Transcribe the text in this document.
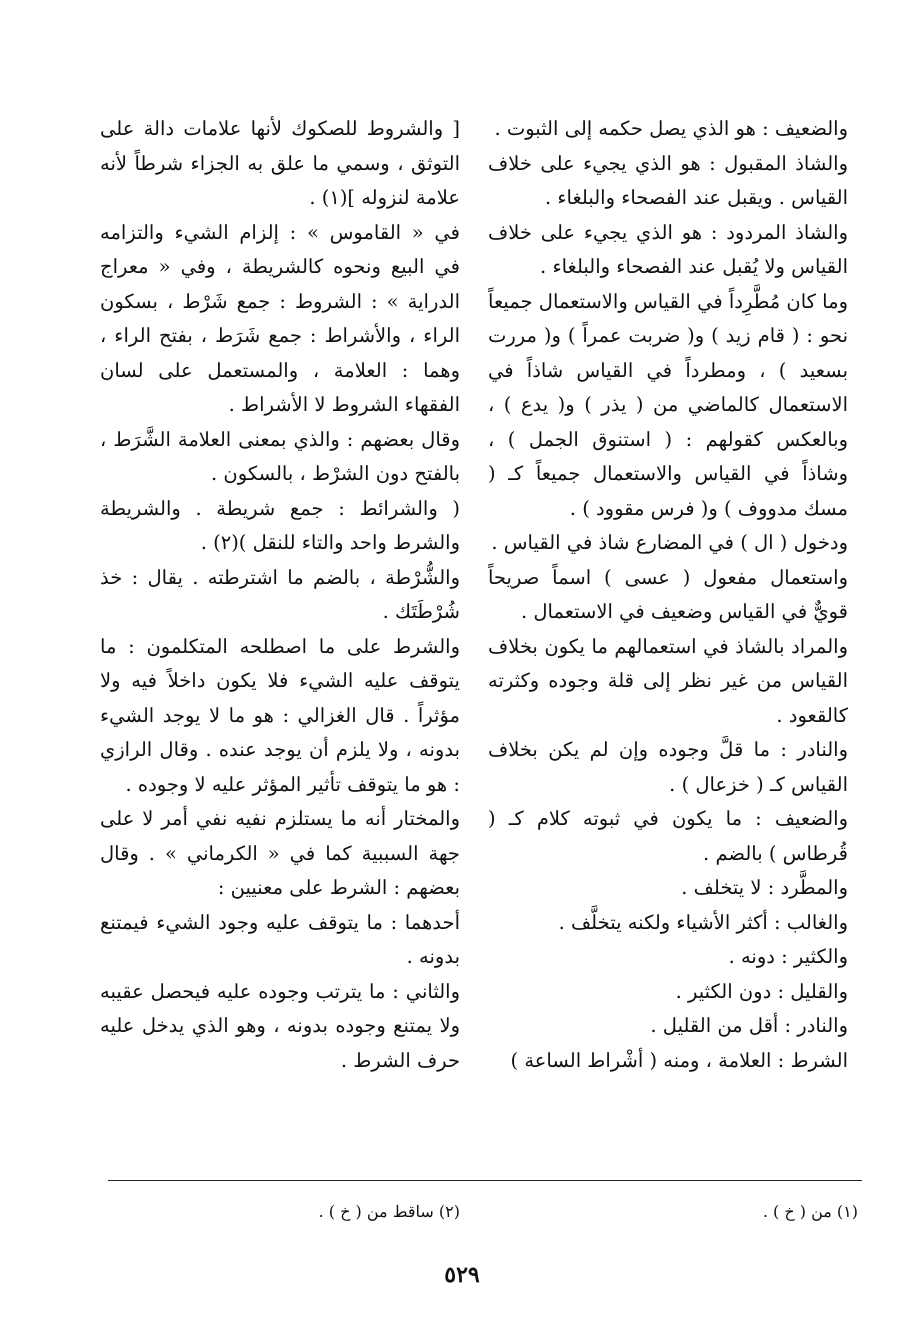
والضعيف : هو الذي يصل حكمه إلى الثبوت .

والشاذ المقبول : هو الذي يجيء على خلاف القياس . ويقبل عند الفصحاء والبلغاء .

والشاذ المردود : هو الذي يجيء على خلاف القياس ولا يُقبل عند الفصحاء والبلغاء .

وما كان مُطَّرِداً في القياس والاستعمال جميعاً نحو : ( قام زيد ) و( ضربت عمراً ) و( مررت بسعيد ) ، ومطرداً في القياس شاذاً في الاستعمال كالماضي من ( يذر ) و( يدع ) ، وبالعكس كقولهم : ( استنوق الجمل ) ، وشاذاً في القياس والاستعمال جميعاً كـ ( مسك مدووف ) و( فرس مقوود ) .

ودخول ( ال ) في المضارع شاذ في القياس .

واستعمال مفعول ( عسى ) اسماً صريحاً قويٌّ في القياس وضعيف في الاستعمال .

والمراد بالشاذ في استعمالهم ما يكون بخلاف القياس من غير نظر إلى قلة وجوده وكثرته كالقعود .

والنادر : ما قلَّ وجوده وإن لم يكن بخلاف القياس كـ ( خزعال ) .

والضعيف : ما يكون في ثبوته كلام كـ ( قُرطاس ) بالضم .

والمطَّرد : لا يتخلف .

والغالب : أكثر الأشياء ولكنه يتخلَّف .

والكثير : دونه .

والقليل : دون الكثير .

والنادر : أقل من القليل .

الشرط : العلامة ، ومنه ( أشْراط الساعة )

[ والشروط للصكوك لأنها علامات دالة على التوثق ، وسمي ما علق به الجزاء شرطاً لأنه علامة لنزوله ](١) .

في « القاموس » : إلزام الشيء والتزامه في البيع ونحوه كالشريطة ، وفي « معراج الدراية » : الشروط : جمع شَرْط ، بسكون الراء ، والأشراط : جمع شَرَط ، بفتح الراء ، وهما : العلامة ، والمستعمل على لسان الفقهاء الشروط لا الأشراط .

وقال بعضهم : والذي بمعنى العلامة الشَّرَط ، بالفتح دون الشرْط ، بالسكون .

( والشرائط : جمع شريطة . والشريطة والشرط واحد والتاء للنقل )(٢) .

والشُّرْطة ، بالضم ما اشترطته . يقال : خذ شُرْطَتَك .

والشرط على ما اصطلحه المتكلمون : ما يتوقف عليه الشيء فلا يكون داخلاً فيه ولا مؤثراً . قال الغزالي : هو ما لا يوجد الشيء بدونه ، ولا يلزم أن يوجد عنده . وقال الرازي : هو ما يتوقف تأثير المؤثر عليه لا وجوده .

والمختار أنه ما يستلزم نفيه نفي أمر لا على جهة السببية كما في « الكرماني » . وقال بعضهم : الشرط على معنيين :

أحدهما : ما يتوقف عليه وجود الشيء فيمتنع بدونه .

والثاني : ما يترتب وجوده عليه فيحصل عقيبه ولا يمتنع وجوده بدونه ، وهو الذي يدخل عليه حرف الشرط .

(١) من ( خ ) .
(٢) ساقط من ( خ ) .
٥٢٩
